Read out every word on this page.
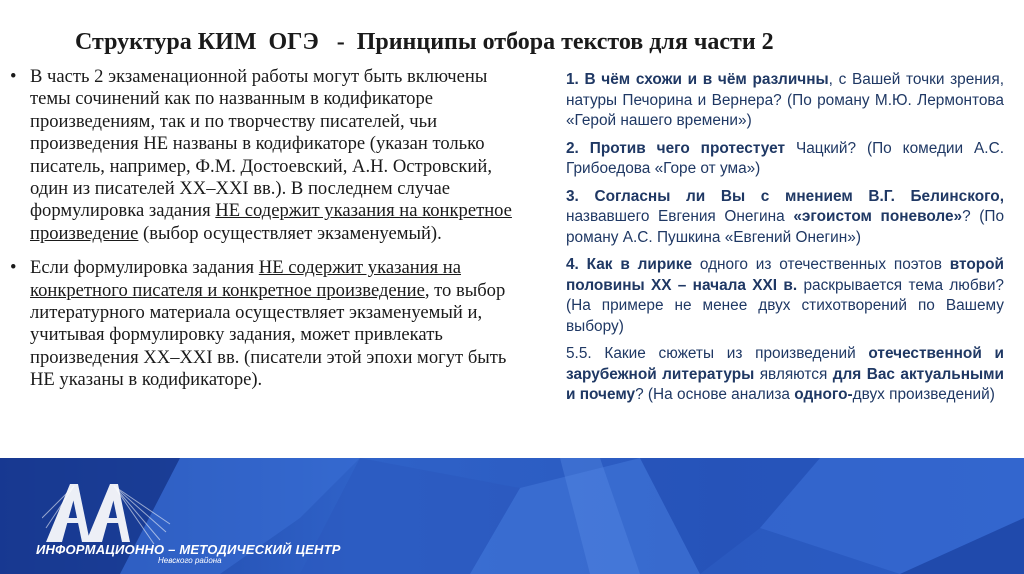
Структура КИМ  ОГЭ   -  Принципы отбора текстов для части 2

• В часть 2 экзаменационной работы могут быть включены темы сочинений как по названным в кодификаторе произведениям, так и по творчеству писателей, чьи произведения НЕ названы в кодификаторе (указан только писатель, например, Ф.М. Достоевский, А.Н. Островский, один из писателей ХХ–ХХI вв.). В последнем случае формулировка задания НЕ содержит указания на конкретное произведение (выбор осуществляет экзаменуемый).

• Если формулировка задания НЕ содержит указания на конкретного писателя и конкретное произведение, то выбор литературного материала осуществляет экзаменуемый и, учитывая формулировку задания, может привлекать произведения ХХ–ХХI вв. (писатели этой эпохи могут быть НЕ указаны в кодификаторе).

1. В чём схожи и в чём различны, с Вашей точки зрения, натуры Печорина и Вернера? (По роману М.Ю. Лермонтова «Герой нашего времени»)

2. Против чего протестует Чацкий? (По комедии А.С. Грибоедова «Горе от ума»)

3. Согласны ли Вы с мнением В.Г. Белинского, назвавшего Евгения Онегина «эгоистом поневоле»? (По роману А.С. Пушкина «Евгений Онегин»)

4. Как в лирике одного из отечественных поэтов второй половины ХХ – начала ХХI в. раскрывается тема любви? (На примере не менее двух стихотворений по Вашему выбору)

5.5. Какие сюжеты из произведений отечественной и зарубежной литературы являются для Вас актуальными и почему? (На основе анализа одного-двух произведений)

ИНФОРМАЦИОННО – МЕТОДИЧЕСКИЙ ЦЕНТР
Невского района
